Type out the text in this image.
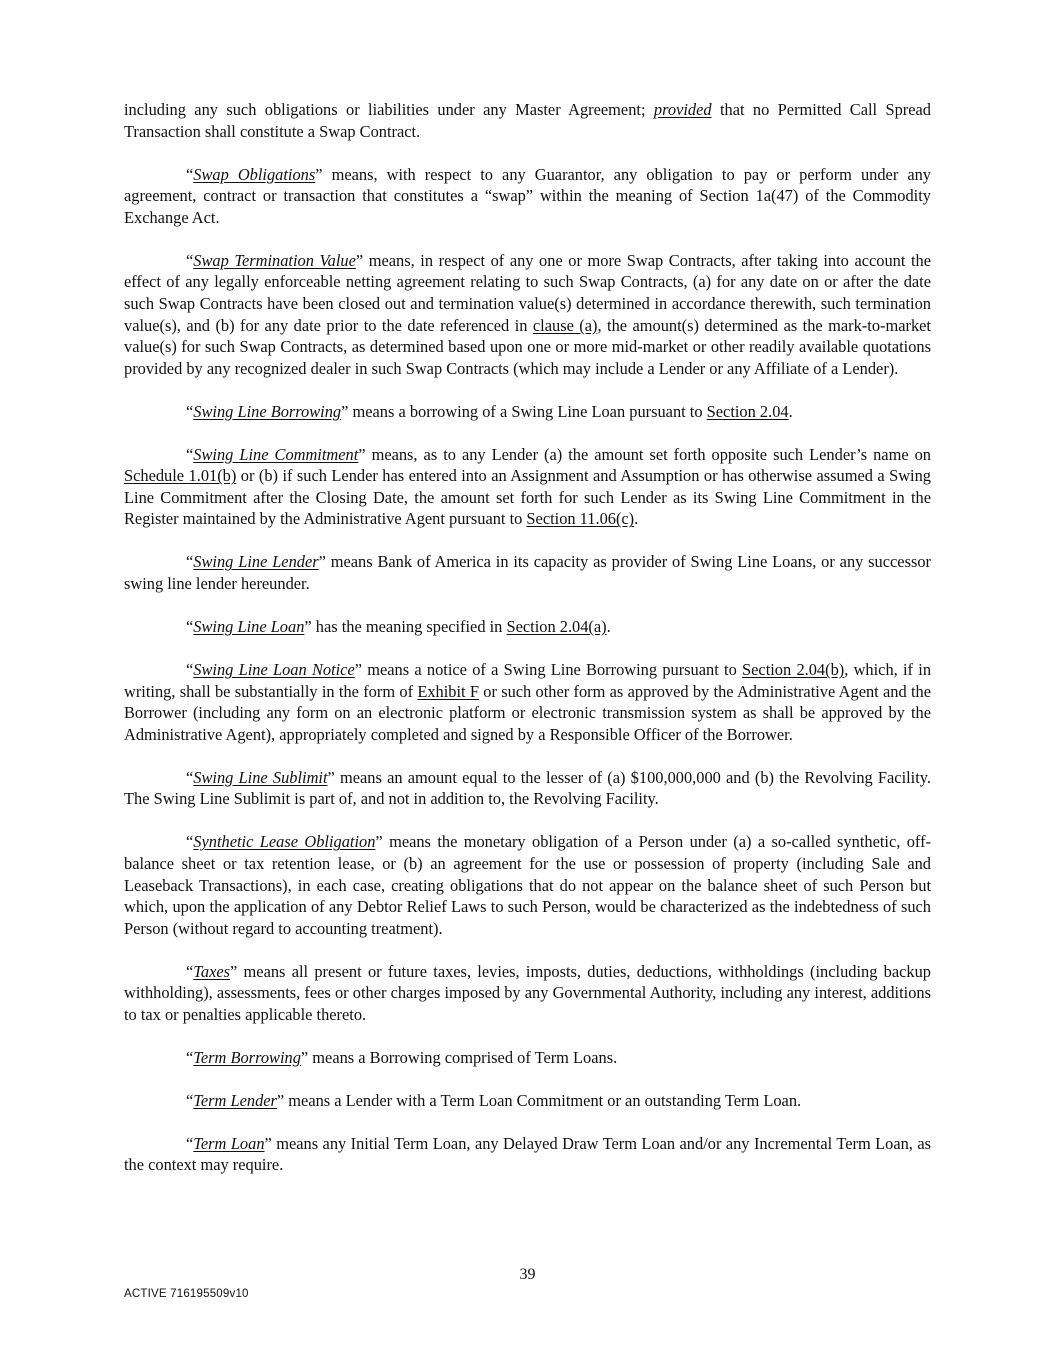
including any such obligations or liabilities under any Master Agreement; provided that no Permitted Call Spread Transaction shall constitute a Swap Contract.

“Swap Obligations” means, with respect to any Guarantor, any obligation to pay or perform under any agreement, contract or transaction that constitutes a “swap” within the meaning of Section 1a(47) of the Commodity Exchange Act.

“Swap Termination Value” means, in respect of any one or more Swap Contracts, after taking into account the effect of any legally enforceable netting agreement relating to such Swap Contracts, (a) for any date on or after the date such Swap Contracts have been closed out and termination value(s) determined in accordance therewith, such termination value(s), and (b) for any date prior to the date referenced in clause (a), the amount(s) determined as the mark-to-market value(s) for such Swap Contracts, as determined based upon one or more mid-market or other readily available quotations provided by any recognized dealer in such Swap Contracts (which may include a Lender or any Affiliate of a Lender).

“Swing Line Borrowing” means a borrowing of a Swing Line Loan pursuant to Section 2.04.

“Swing Line Commitment” means, as to any Lender (a) the amount set forth opposite such Lender’s name on Schedule 1.01(b) or (b) if such Lender has entered into an Assignment and Assumption or has otherwise assumed a Swing Line Commitment after the Closing Date, the amount set forth for such Lender as its Swing Line Commitment in the Register maintained by the Administrative Agent pursuant to Section 11.06(c).

“Swing Line Lender” means Bank of America in its capacity as provider of Swing Line Loans, or any successor swing line lender hereunder.

“Swing Line Loan” has the meaning specified in Section 2.04(a).

“Swing Line Loan Notice” means a notice of a Swing Line Borrowing pursuant to Section 2.04(b), which, if in writing, shall be substantially in the form of Exhibit F or such other form as approved by the Administrative Agent and the Borrower (including any form on an electronic platform or electronic transmission system as shall be approved by the Administrative Agent), appropriately completed and signed by a Responsible Officer of the Borrower.

“Swing Line Sublimit” means an amount equal to the lesser of (a) $100,000,000 and (b) the Revolving Facility. The Swing Line Sublimit is part of, and not in addition to, the Revolving Facility.

“Synthetic Lease Obligation” means the monetary obligation of a Person under (a) a so-called synthetic, off-balance sheet or tax retention lease, or (b) an agreement for the use or possession of property (including Sale and Leaseback Transactions), in each case, creating obligations that do not appear on the balance sheet of such Person but which, upon the application of any Debtor Relief Laws to such Person, would be characterized as the indebtedness of such Person (without regard to accounting treatment).

“Taxes” means all present or future taxes, levies, imposts, duties, deductions, withholdings (including backup withholding), assessments, fees or other charges imposed by any Governmental Authority, including any interest, additions to tax or penalties applicable thereto.

“Term Borrowing” means a Borrowing comprised of Term Loans.

“Term Lender” means a Lender with a Term Loan Commitment or an outstanding Term Loan.

“Term Loan” means any Initial Term Loan, any Delayed Draw Term Loan and/or any Incremental Term Loan, as the context may require.

39
ACTIVE 716195509v10
